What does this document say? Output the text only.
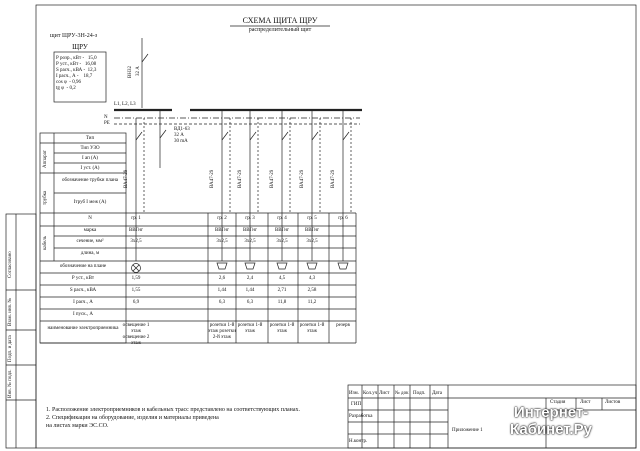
СХЕМА ЩИТА ЩРУ
распределительный щит
щит ЩРУ-3Н-24-з
ЩРУ
Р розр., кВт -   15,0
Р уст., кВт -   16,08
S расч., кВА -  12,3
I расч., А -    18,7
cos φ  - 0,96
tg φ  - 0,2
ВН32 32 А
L1, L2, L3
N
PE
ВД1-63
32 А
30 mA
Аппарат
Тип
Тип УЗО
I ап (А)
I уст. (А)
трубка
обозначение трубки плана
Iтруб I меж (А)
кабель
N
марка
сечение, мм²
длина, м
обозначение на плане
Р уст., кВт
S расч., кВА
I расч., А
I пуск., А
наименование электроприемника
гр. 1
ВВГнг
3х2,5
1,59
1,55
6,9
освещение 1 этаж освещение 2 этаж
ВА47-29
гр. 2
ВВГнг
3х2,5
2,6
1,44
6,3
розетки 1-й этаж розетки 2-й этаж
ВА47-29
гр. 3
ВВГнг
3х2,5
2,4
1,44
6,3
розетки 1-й этаж
ВА47-29
гр. 4
ВВГнг
3х2,5
4,5
2,71
11,8
розетки 1-й этаж
ВА47-29
гр. 5
ВВГнг
3х2,5
4,3
2,58
11,2
розетки 1-й этаж
ВА47-29
гр. 6
резерв
ВА47-29
1. Расположение электроприемников и кабельных трасс представлено на соответствующих планах.
2. Спецификация на оборудование, изделия и материалы приведена
на листах марки ЭС.СО.
Изм. Кол.уч Лист № док Подп. Дата
ГИП
Разработка
Н.контр.
Стадия	Лист	Листов
Приложение 1
Согласовано
Взам. инв. №
Подп. и дата
Инв. № подл.
Интернет-
Кабинет.Ру
